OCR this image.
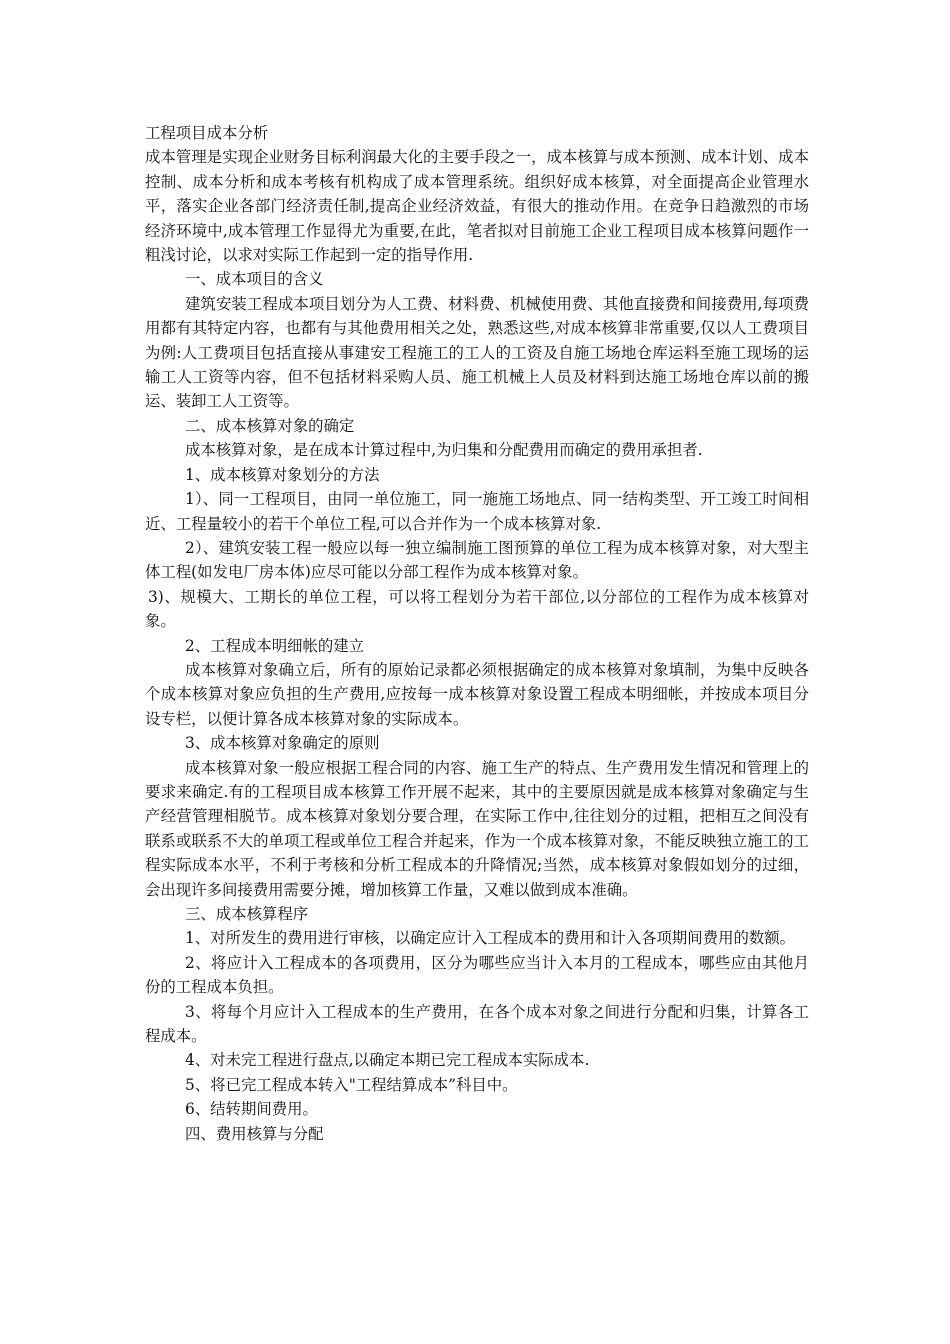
工程项目成本分析

成本管理是实现企业财务目标利润最大化的主要手段之一，成本核算与成本预测、成本计划、成本控制、成本分析和成本考核有机构成了成本管理系统。组织好成本核算，对全面提高企业管理水平，落实企业各部门经济责任制,提高企业经济效益，有很大的推动作用。在竞争日趋激烈的市场经济环境中,成本管理工作显得尤为重要,在此，笔者拟对目前施工企业工程项目成本核算问题作一粗浅讨论，以求对实际工作起到一定的指导作用.

一、成本项目的含义

建筑安装工程成本项目划分为人工费、材料费、机械使用费、其他直接费和间接费用,每项费用都有其特定内容，也都有与其他费用相关之处，熟悉这些,对成本核算非常重要,仅以人工费项目为例:人工费项目包括直接从事建安工程施工的工人的工资及自施工场地仓库运料至施工现场的运输工人工资等内容，但不包括材料采购人员、施工机械上人员及材料到达施工场地仓库以前的搬运、装卸工人工资等。

二、成本核算对象的确定

成本核算对象，是在成本计算过程中,为归集和分配费用而确定的费用承担者.

1、成本核算对象划分的方法

1）、同一工程项目，由同一单位施工，同一施施工场地点、同一结构类型、开工竣工时间相近、工程量较小的若干个单位工程,可以合并作为一个成本核算对象.

2）、建筑安装工程一般应以每一独立编制施工图预算的单位工程为成本核算对象，对大型主体工程(如发电厂房本体)应尽可能以分部工程作为成本核算对象。

3)、规模大、工期长的单位工程，可以将工程划分为若干部位,以分部位的工程作为成本核算对象。

2、工程成本明细帐的建立

成本核算对象确立后，所有的原始记录都必须根据确定的成本核算对象填制，为集中反映各个成本核算对象应负担的生产费用,应按每一成本核算对象设置工程成本明细帐，并按成本项目分设专栏，以便计算各成本核算对象的实际成本。

3、成本核算对象确定的原则

成本核算对象一般应根据工程合同的内容、施工生产的特点、生产费用发生情况和管理上的要求来确定.有的工程项目成本核算工作开展不起来，其中的主要原因就是成本核算对象确定与生产经营管理相脱节。成本核算对象划分要合理，在实际工作中,往往划分的过粗，把相互之间没有联系或联系不大的单项工程或单位工程合并起来，作为一个成本核算对象，不能反映独立施工的工程实际成本水平，不利于考核和分析工程成本的升降情况;当然，成本核算对象假如划分的过细，会出现许多间接费用需要分摊，增加核算工作量，又难以做到成本准确。

三、成本核算程序

1、对所发生的费用进行审核，以确定应计入工程成本的费用和计入各项期间费用的数额。

2、将应计入工程成本的各项费用，区分为哪些应当计入本月的工程成本，哪些应由其他月份的工程成本负担。

3、将每个月应计入工程成本的生产费用，在各个成本对象之间进行分配和归集，计算各工程成本。

4、对未完工程进行盘点,以确定本期已完工程成本实际成本.

5、将已完工程成本转入"工程结算成本”科目中。

6、结转期间费用。

四、费用核算与分配
